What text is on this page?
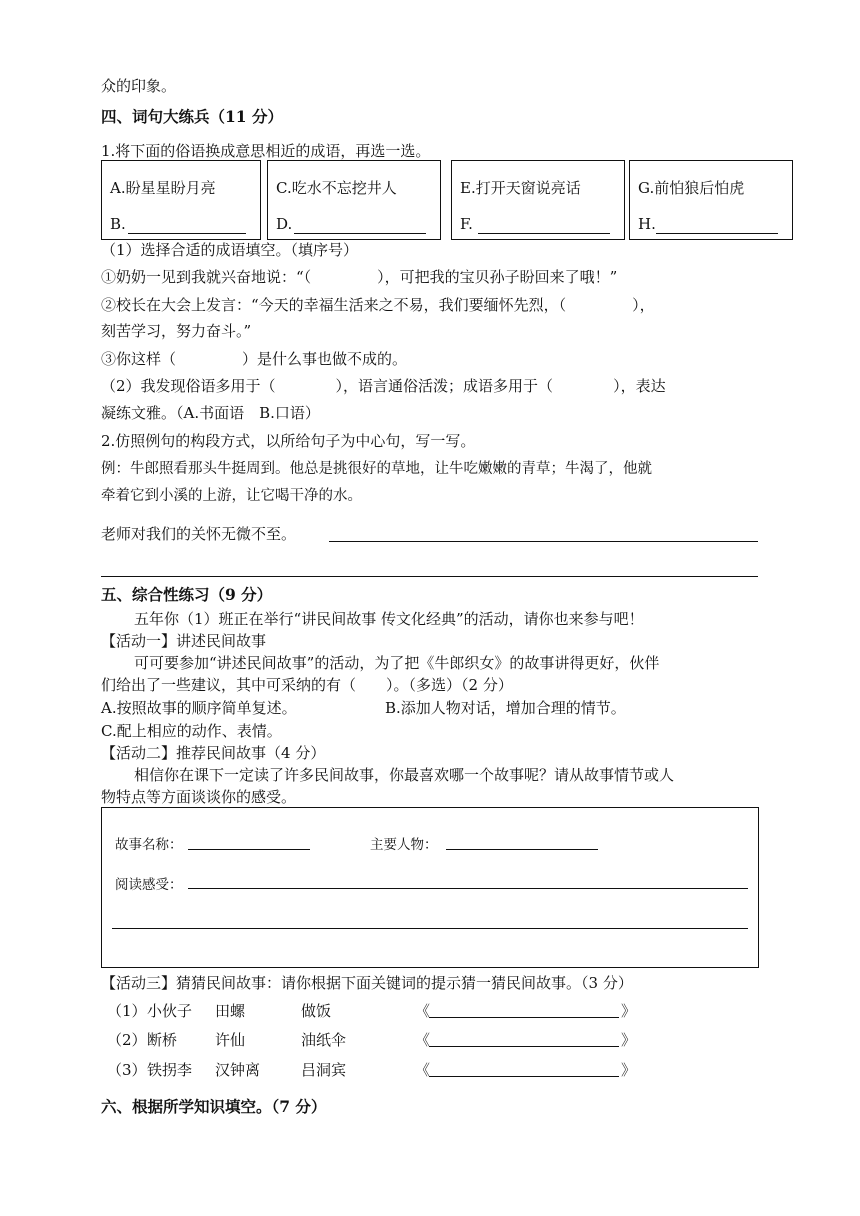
众的印象。
四、词句大练兵（11 分）
1.将下面的俗语换成意思相近的成语，再选一选。
A.盼星星盼月亮
B.
C.吃水不忘挖井人
D.
E.打开天窗说亮话
F.
G.前怕狼后怕虎
H.
（1）选择合适的成语填空。（填序号）
①奶奶一见到我就兴奋地说：“（	），可把我的宝贝孙子盼回来了哦！”
②校长在大会上发言：“今天的幸福生活来之不易，我们要缅怀先烈，（	），
刻苦学习，努力奋斗。”
③你这样（	）是什么事也做不成的。
（2）我发现俗语多用于（	），语言通俗活泼；成语多用于（	），表达
凝练文雅。（A.书面语　B.口语）
2.仿照例句的构段方式，以所给句子为中心句，写一写。
例：牛郎照看那头牛挺周到。他总是挑很好的草地，让牛吃嫩嫩的青草；牛渴了，他就
牵着它到小溪的上游，让它喝干净的水。
老师对我们的关怀无微不至。
五、综合性练习（9 分）
五年你（1）班正在举行“讲民间故事 传文化经典”的活动，请你也来参与吧！
【活动一】讲述民间故事
可可要参加“讲述民间故事”的活动，为了把《牛郎织女》的故事讲得更好，伙伴
们给出了一些建议，其中可采纳的有（　　）。（多选）（2 分）
A.按照故事的顺序简单复述。	B.添加人物对话，增加合理的情节。
C.配上相应的动作、表情。
【活动二】推荐民间故事（4 分）
相信你在课下一定读了许多民间故事，你最喜欢哪一个故事呢？请从故事情节或人
物特点等方面谈谈你的感受。
故事名称：	主要人物：
阅读感受：
【活动三】猜猜民间故事：请你根据下面关键词的提示猜一猜民间故事。（3 分）
（1） 小伙子 田螺	做饭	《	》
（2） 断桥	许仙	油纸伞	《	》
（3） 铁拐李 汉钟离	吕洞宾	《	》
六、根据所学知识填空。（7 分）
